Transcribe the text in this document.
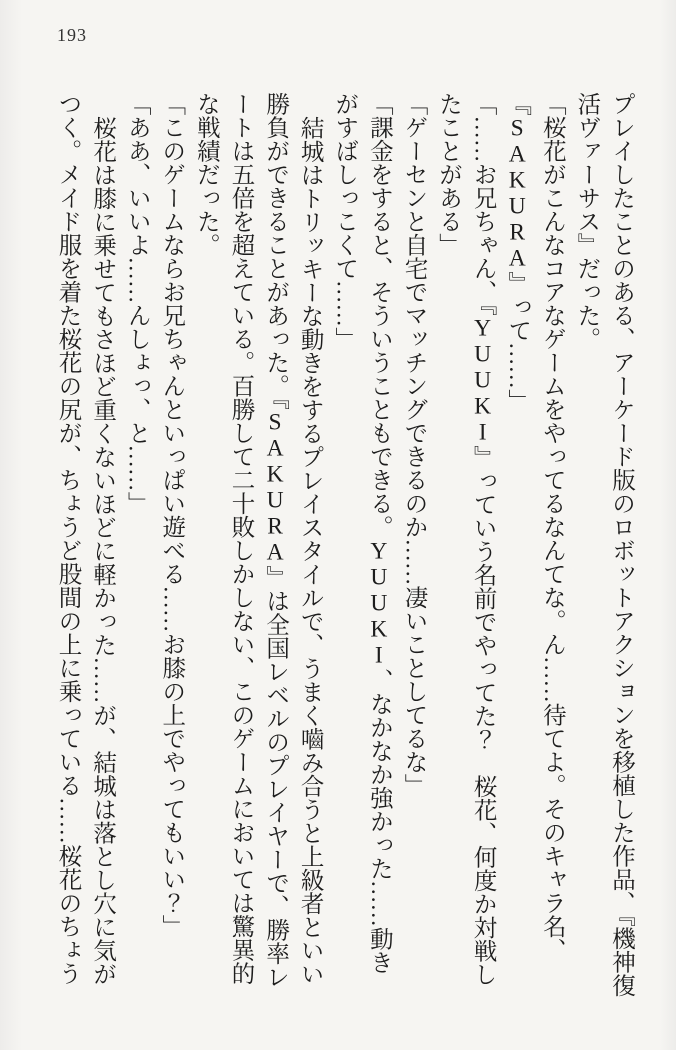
193

プレイしたことのある、アーケード版のロボットアクションを移植した作品、『機神復活ヴァーサス』だった。

「桜花がこんなコアなゲームをやってるなんてな。ん……待てよ。そのキャラ名、『SAKURA』って……」

「……お兄ちゃん、『YUUKI』っていう名前でやってた？　桜花、何度か対戦したことがある」

「ゲーセンと自宅でマッチングできるのか……凄いことしてるな」

「課金をすると、そういうこともできる。YUUKI、なかなか強かった……動きがすばしっこくて……」

結城はトリッキーな動きをするプレイスタイルで、うまく嚙み合うと上級者といい勝負ができることがあった。『SAKURA』は全国レベルのプレイヤーで、勝率レートは五倍を超えている。百勝して二十敗しかしない、このゲームにおいては驚異的な戦績だった。

「このゲームならお兄ちゃんといっぱい遊べる……お膝の上でやってもいい？」

「ああ、いいよ……んしょっ、と……」

桜花は膝に乗せてもさほど重くないほどに軽かった……が、結城は落とし穴に気がつく。メイド服を着た桜花の尻が、ちょうど股間の上に乗っている……桜花のちょう
